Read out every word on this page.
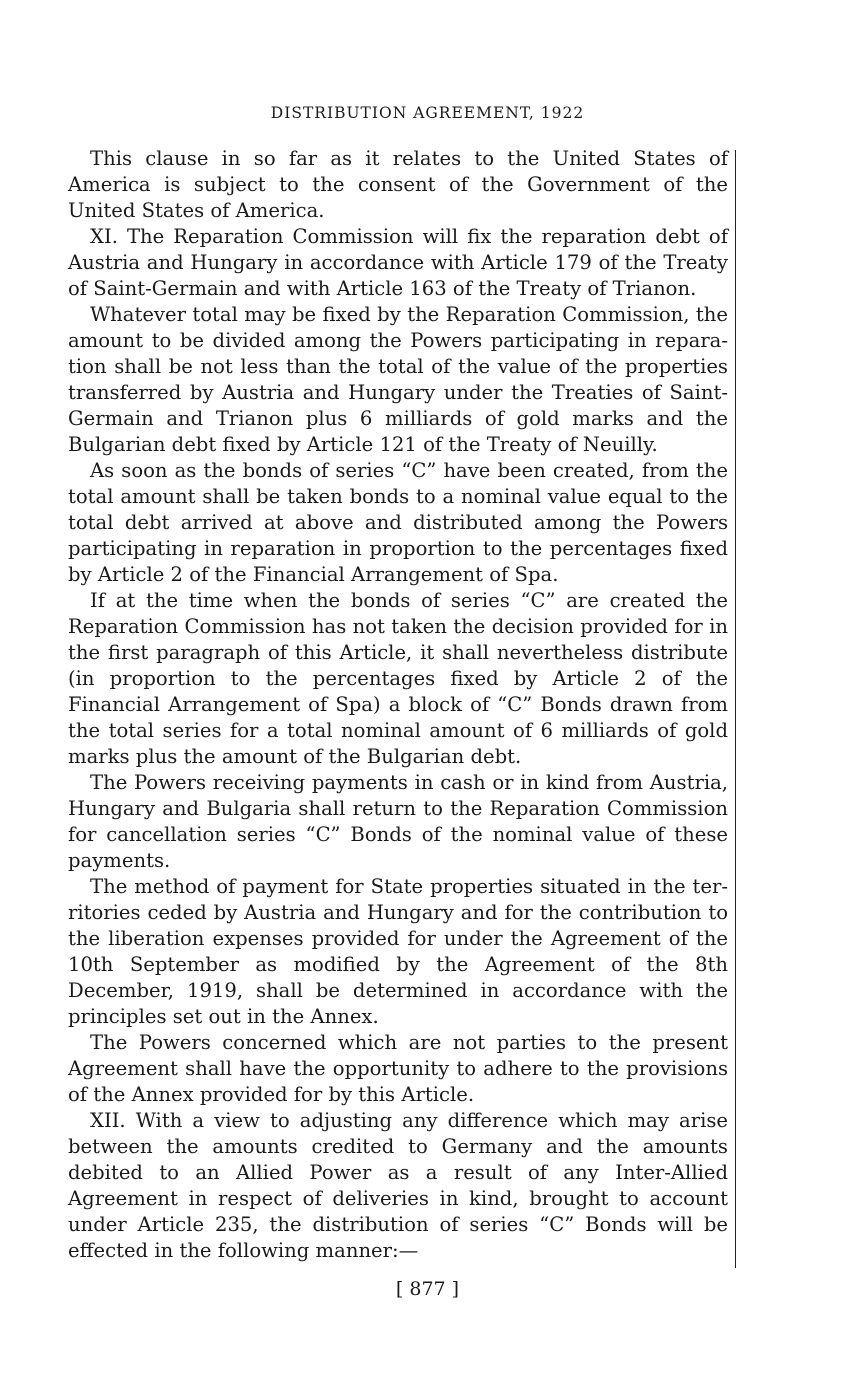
DISTRIBUTION AGREEMENT, 1922

This clause in so far as it relates to the United States of America is subject to the consent of the Government of the United States of America.

XI. The Reparation Commission will fix the reparation debt of Austria and Hungary in accordance with Article 179 of the Treaty of Saint-Germain and with Article 163 of the Treaty of Trianon.

Whatever total may be fixed by the Reparation Commission, the amount to be divided among the Powers participating in reparation shall be not less than the total of the value of the properties transferred by Austria and Hungary under the Treaties of Saint-Germain and Trianon plus 6 milliards of gold marks and the Bulgarian debt fixed by Article 121 of the Treaty of Neuilly.

As soon as the bonds of series “C” have been created, from the total amount shall be taken bonds to a nominal value equal to the total debt arrived at above and distributed among the Powers participating in reparation in proportion to the percentages fixed by Article 2 of the Financial Arrangement of Spa.

If at the time when the bonds of series “C” are created the Reparation Commission has not taken the decision provided for in the first paragraph of this Article, it shall nevertheless distribute (in proportion to the percentages fixed by Article 2 of the Financial Arrangement of Spa) a block of “C” Bonds drawn from the total series for a total nominal amount of 6 milliards of gold marks plus the amount of the Bulgarian debt.

The Powers receiving payments in cash or in kind from Austria, Hungary and Bulgaria shall return to the Reparation Commission for cancellation series “C” Bonds of the nominal value of these payments.

The method of payment for State properties situated in the territories ceded by Austria and Hungary and for the contribution to the liberation expenses provided for under the Agreement of the 10th September as modified by the Agreement of the 8th December, 1919, shall be determined in accordance with the principles set out in the Annex.

The Powers concerned which are not parties to the present Agreement shall have the opportunity to adhere to the provisions of the Annex provided for by this Article.

XII. With a view to adjusting any difference which may arise between the amounts credited to Germany and the amounts debited to an Allied Power as a result of any Inter-Allied Agreement in respect of deliveries in kind, brought to account under Article 235, the distribution of series “C” Bonds will be effected in the following manner:—

[ 877 ]
